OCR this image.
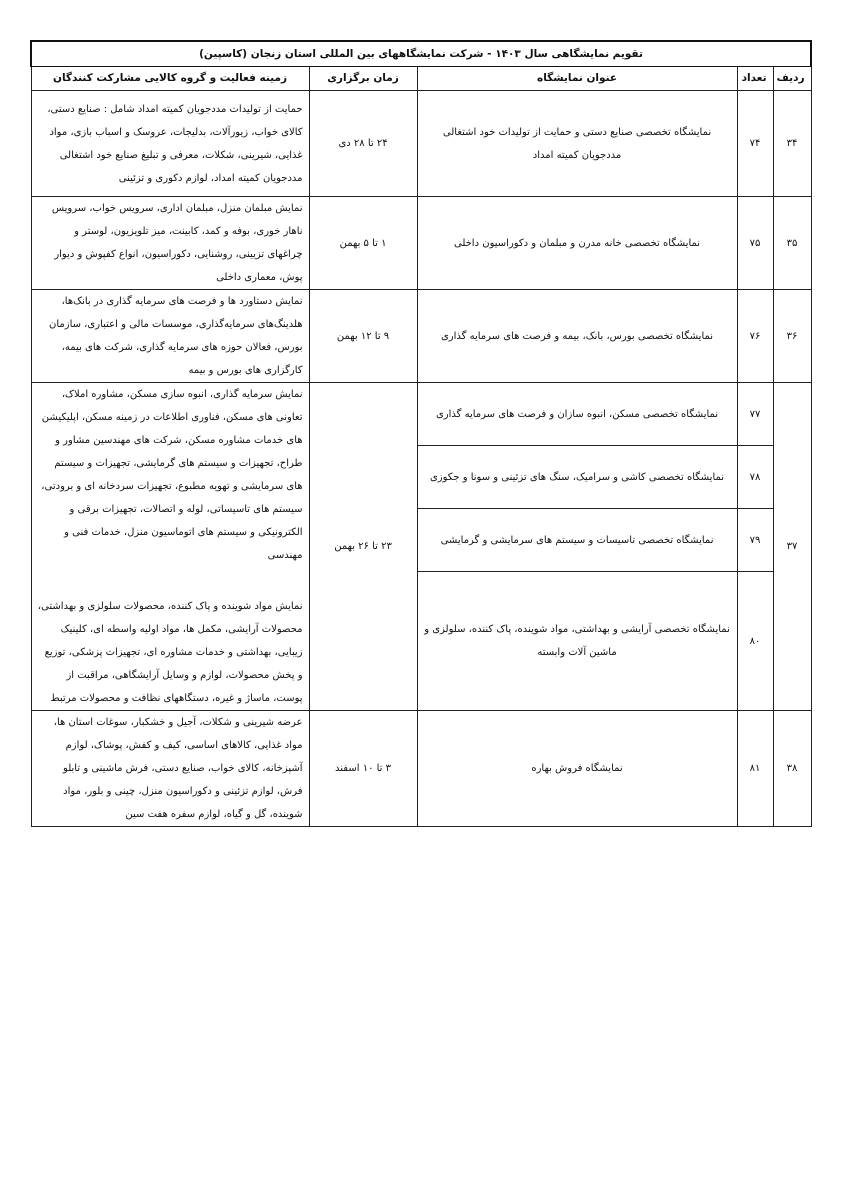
تقویم نمایشگاهی سال ۱۴۰۳ - شرکت نمایشگاههای بین المللی استان زنجان (کاسپین)				
ردیف	تعداد	عنوان نمایشگاه	زمان برگزاری	زمینه فعالیت و گروه کالایی مشارکت کنندگان
۳۴	۷۴	نمایشگاه تخصصی صنایع دستی و حمایت از تولیدات خود اشتغالی مددجویان کمیته امداد	۲۴ تا ۲۸ دی	حمایت از تولیدات مددجویان کمیته امداد شامل : صنایع دستی، کالای خواب، زیورآلات، بدلیجات، عروسک و اسباب بازی، مواد غذایی، شیرینی، شکلات، معرفی و تبلیغ صنایع خود اشتغالی مددجویان کمیته امداد، لوازم دکوری و تزئینی
۳۵	۷۵	نمایشگاه تخصصی خانه مدرن و مبلمان و دکوراسیون داخلی	۱ تا ۵ بهمن	نمایش مبلمان منزل، مبلمان اداری، سرویس خواب، سرویس ناهار خوری، بوفه و کمد، کابینت، میز تلویزیون، لوستر و چراغهای تزیینی، روشنایی، دکوراسیون، انواع کفپوش و دیوار پوش، معماری داخلی
۳۶	۷۶	نمایشگاه تخصصی بورس، بانک، بیمه و فرصت های سرمایه گذاری	۹ تا ۱۲ بهمن	نمایش دستاورد ها و فرصت های سرمایه گذاری در بانک‌ها، هلدینگ‌های سرمایه‌گذاری، موسسات مالی و اعتباری، سازمان بورس، فعالان حوزه های سرمایه گذاری، شرکت های بیمه، کارگزاری های بورس و بیمه
۳۷	۷۷	نمایشگاه تخصصی مسکن، انبوه سازان و فرصت های سرمایه گذاری	۲۳ تا ۲۶ بهمن	نمایش سرمایه گذاری، انبوه سازی مسکن، مشاوره املاک، تعاونی های مسکن، فناوری اطلاعات در زمینه مسکن، اپلیکیشن های خدمات مشاوره مسکن، شرکت های مهندسین مشاور و طراح، تجهیزات و سیستم های گرمایشی، تجهیزات و سیستم های سرمایشی و تهویه مطبوع، تجهیزات سردخانه ای و برودتی، سیستم های تاسیساتی، لوله و اتصالات، تجهیزات برقی و الکترونیکی و سیستم های اتوماسیون منزل، خدمات فنی و مهندسی
نمایش مواد شوینده و پاک کننده، محصولات سلولزی و بهداشتی، محصولات آرایشی، مکمل ها، مواد اولیه واسطه ای، کلینیک زیبایی، بهداشتی و خدمات مشاوره ای، تجهیزات پزشکی، توزیع و پخش محصولات، لوازم و وسایل آرایشگاهی، مراقبت از پوست، ماساژ و غیره، دستگاههای نظافت و محصولات مرتبط

	۷۸	نمایشگاه تخصصی کاشی و سرامیک، سنگ های تزئینی و سونا و جکوزی		
	۷۹	نمایشگاه تخصصی تاسیسات و سیستم های سرمایشی و گرمایشی		
	۸۰	نمایشگاه تخصصی آرایشی و بهداشتی، مواد شوینده، پاک کننده، سلولزی و ماشین آلات وابسته		
۳۸	۸۱	نمایشگاه فروش بهاره	۳ تا ۱۰ اسفند	عرضه شیرینی و شکلات، آجیل و خشکبار، سوغات استان ها، مواد غذایی، کالاهای اساسی، کیف و کفش، پوشاک، لوازم آشپزخانه، کالای خواب، صنایع دستی، فرش ماشینی و تابلو فرش، لوازم تزئینی و دکوراسیون منزل، چینی و بلور، مواد شوینده، گل و گیاه، لوازم سفره هفت سین
